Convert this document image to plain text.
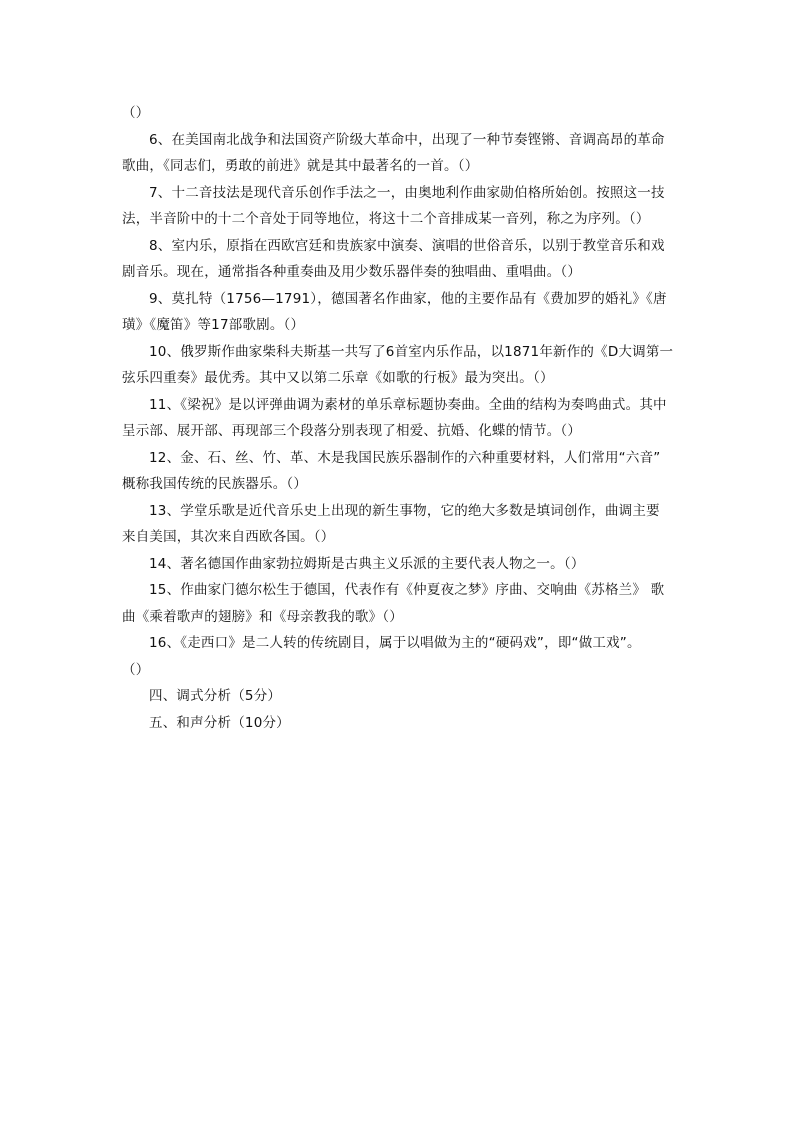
（）
6、在美国南北战争和法国资产阶级大革命中，出现了一种节奏铿锵、音调高昂的革命
歌曲，《同志们，勇敢的前进》就是其中最著名的一首。（）
7、十二音技法是现代音乐创作手法之一，由奥地利作曲家勋伯格所始创。按照这一技
法，半音阶中的十二个音处于同等地位，将这十二个音排成某一音列，称之为序列。（）
8、室内乐，原指在西欧宫廷和贵族家中演奏、演唱的世俗音乐，以别于教堂音乐和戏
剧音乐。现在，通常指各种重奏曲及用少数乐器伴奏的独唱曲、重唱曲。（）
9、莫扎特（1756—1791），德国著名作曲家，他的主要作品有《费加罗的婚礼》《唐
璜》《魔笛》等17部歌剧。（）
10、俄罗斯作曲家柴科夫斯基一共写了6首室内乐作品，以1871年新作的《D大调第一
弦乐四重奏》最优秀。其中又以第二乐章《如歌的行板》最为突出。（）
11、《梁祝》是以评弹曲调为素材的单乐章标题协奏曲。全曲的结构为奏鸣曲式。其中
呈示部、展开部、再现部三个段落分别表现了相爱、抗婚、化蝶的情节。（）
12、金、石、丝、竹、革、木是我国民族乐器制作的六种重要材料，人们常用“六音”
概称我国传统的民族器乐。（）
13、学堂乐歌是近代音乐史上出现的新生事物，它的绝大多数是填词创作，曲调主要
来自美国，其次来自西欧各国。（）
14、著名德国作曲家勃拉姆斯是古典主义乐派的主要代表人物之一。（）
15、作曲家门德尔松生于德国，代表作有《仲夏夜之梦》序曲、交响曲《苏格兰》 歌
曲《乘着歌声的翅膀》和《母亲教我的歌》（）
16、《走西口》是二人转的传统剧目，属于以唱做为主的“硬码戏”，即“做工戏”。
（）
四、调式分析（5分）
五、和声分析（10分）
